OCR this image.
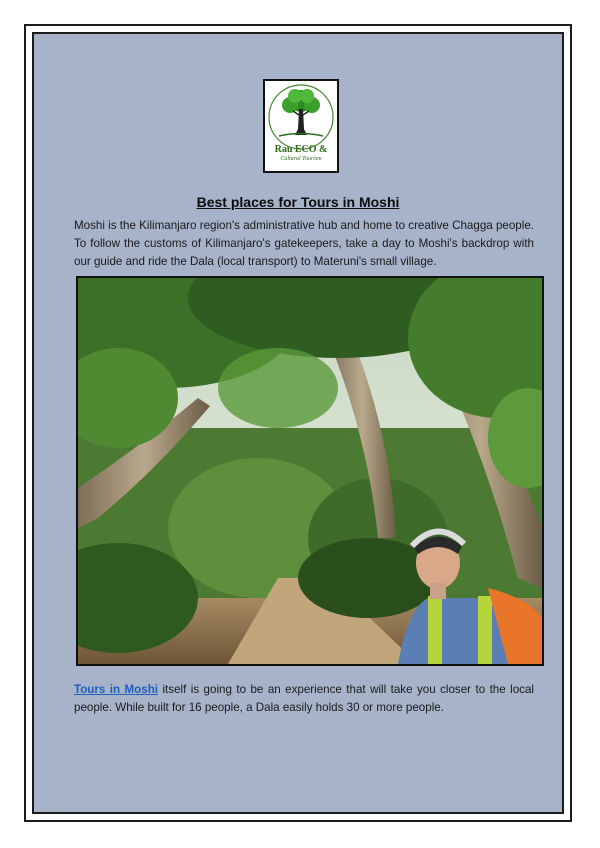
Rau ECO &
Cultural Tourism
Best places for Tours in Moshi
Moshi is the Kilimanjaro region's administrative hub and home to creative Chagga people. To follow the customs of Kilimanjaro's gatekeepers, take a day to Moshi's backdrop with our guide and ride the Dala (local transport) to Materuni's small village.
Tours in Moshi itself is going to be an experience that will take you closer to the local people. While built for 16 people, a Dala easily holds 30 or more people.
